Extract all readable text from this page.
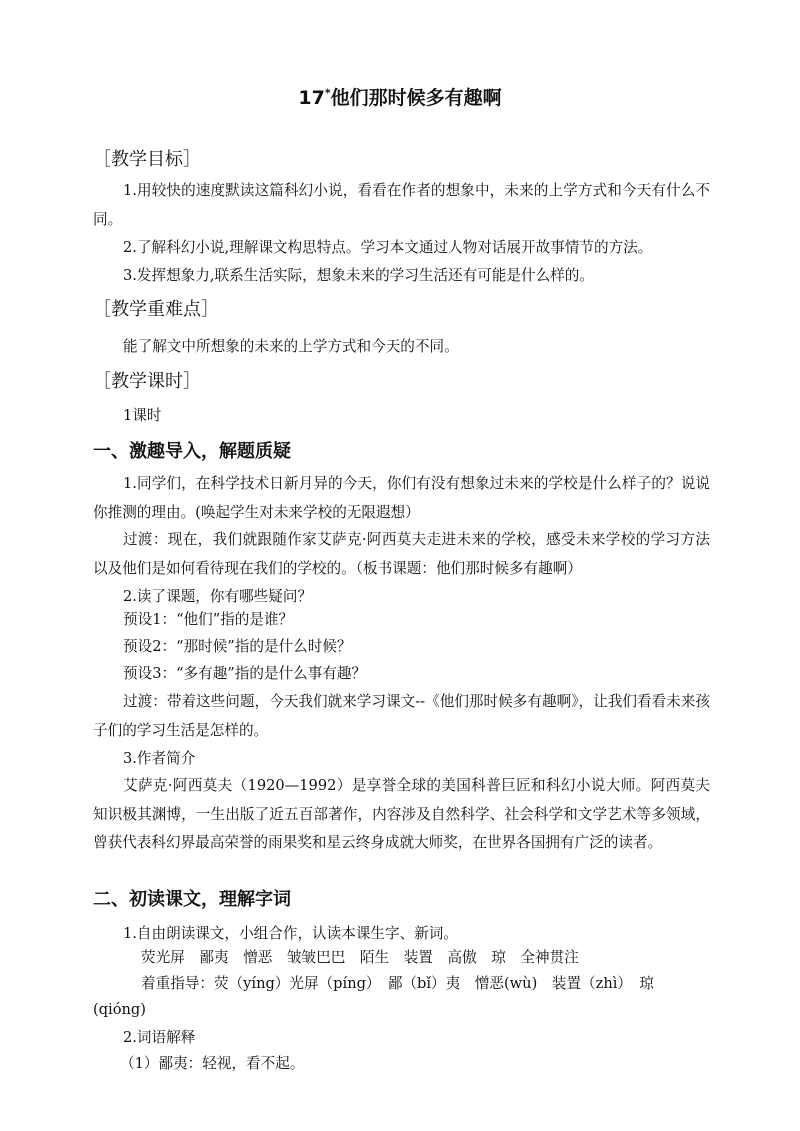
17*他们那时候多有趣啊
［教学目标］
1.用较快的速度默读这篇科幻小说，看看在作者的想象中，未来的上学方式和今天有什么不同。
2.了解科幻小说,理解课文构思特点。学习本文通过人物对话展开故事情节的方法。
3.发挥想象力,联系生活实际，想象未来的学习生活还有可能是什么样的。
［教学重难点］
能了解文中所想象的未来的上学方式和今天的不同。
［教学课时］
1课时
一、激趣导入，解题质疑
1.同学们，在科学技术日新月异的今天，你们有没有想象过未来的学校是什么样子的？说说你推测的理由。(唤起学生对未来学校的无限遐想）
过渡：现在，我们就跟随作家艾萨克·阿西莫夫走进未来的学校，感受未来学校的学习方法以及他们是如何看待现在我们的学校的。（板书课题：他们那时候多有趣啊）
2.读了课题，你有哪些疑问？
预设1：“他们”指的是谁？
预设2：“那时候”指的是什么时候？
预设3：“多有趣”指的是什么事有趣？
过渡：带着这些问题，今天我们就来学习课文--《他们那时候多有趣啊》，让我们看看未来孩子们的学习生活是怎样的。
3.作者简介
艾萨克·阿西莫夫（1920—1992）是享誉全球的美国科普巨匠和科幻小说大师。阿西莫夫知识极其渊博，一生出版了近五百部著作，内容涉及自然科学、社会科学和文学艺术等多领域，曾获代表科幻界最高荣誉的雨果奖和星云终身成就大师奖，在世界各国拥有广泛的读者。
二、初读课文，理解字词
1.自由朗读课文，小组合作，认读本课生字、新词。
荧光屏　鄙夷　憎恶　皱皱巴巴　陌生　装置　高傲　琼　全神贯注
着重指导：荧（yíng）光屏（píng）　鄙（bǐ）夷　憎恶(wù)　装置（zhì）　琼
(qióng)
2.词语解释
（1）鄙夷：轻视，看不起。
